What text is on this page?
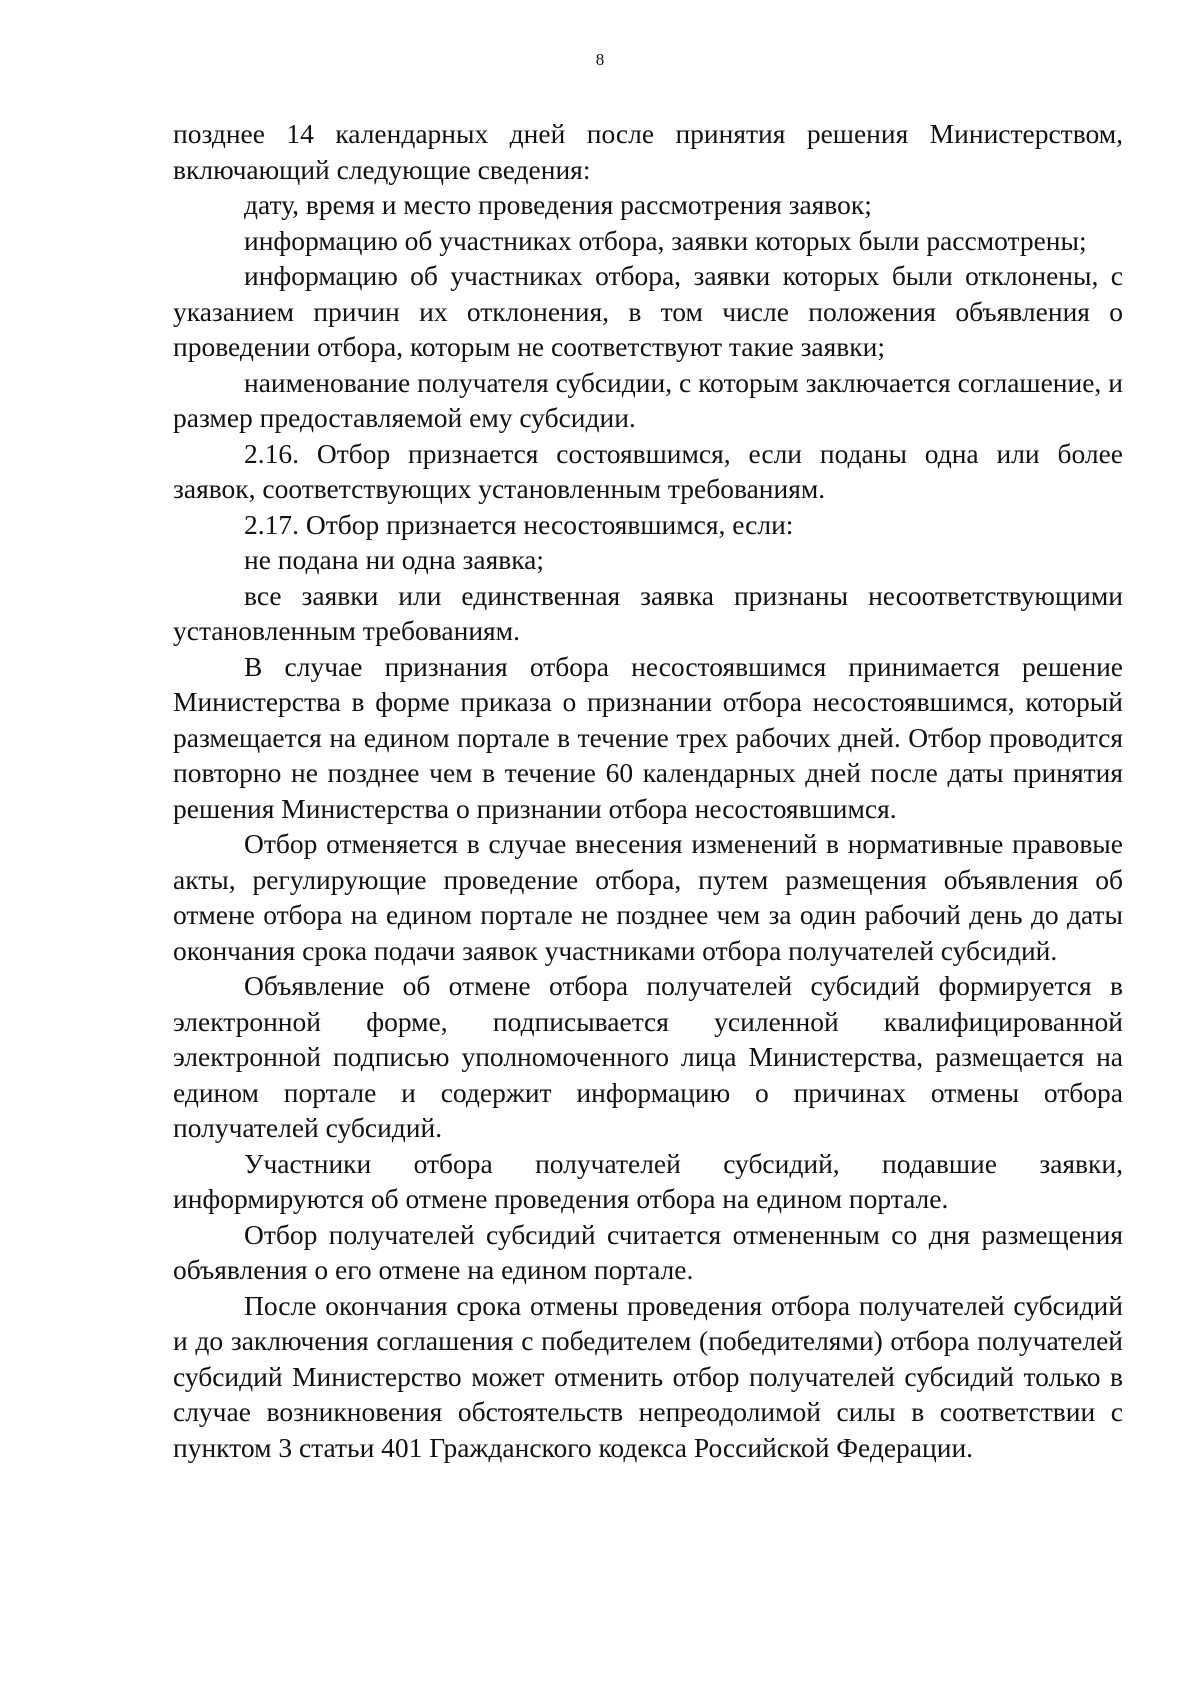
8

позднее 14 календарных дней после принятия решения Министерством, включающий следующие сведения:

дату, время и место проведения рассмотрения заявок;

информацию об участниках отбора, заявки которых были рассмотрены;

информацию об участниках отбора, заявки которых были отклонены, с указанием причин их отклонения, в том числе положения объявления о проведении отбора, которым не соответствуют такие заявки;

наименование получателя субсидии, с которым заключается соглашение, и размер предоставляемой ему субсидии.

2.16. Отбор признается состоявшимся, если поданы одна или более заявок, соответствующих установленным требованиям.

2.17. Отбор признается несостоявшимся, если:

не подана ни одна заявка;

все заявки или единственная заявка признаны несоответствующими установленным требованиям.

В случае признания отбора несостоявшимся принимается решение Министерства в форме приказа о признании отбора несостоявшимся, который размещается на едином портале в течение трех рабочих дней. Отбор проводится повторно не позднее чем в течение 60 календарных дней после даты принятия решения Министерства о признании отбора несостоявшимся.

Отбор отменяется в случае внесения изменений в нормативные правовые акты, регулирующие проведение отбора, путем размещения объявления об отмене отбора на едином портале не позднее чем за один рабочий день до даты окончания срока подачи заявок участниками отбора получателей субсидий.

Объявление об отмене отбора получателей субсидий формируется в электронной форме, подписывается усиленной квалифицированной электронной подписью уполномоченного лица Министерства, размещается на едином портале и содержит информацию о причинах отмены отбора получателей субсидий.

Участники отбора получателей субсидий, подавшие заявки, информируются об отмене проведения отбора на едином портале.

Отбор получателей субсидий считается отмененным со дня размещения объявления о его отмене на едином портале.

После окончания срока отмены проведения отбора получателей субсидий и до заключения соглашения с победителем (победителями) отбора получателей субсидий Министерство может отменить отбор получателей субсидий только в случае возникновения обстоятельств непреодолимой силы в соответствии с пунктом 3 статьи 401 Гражданского кодекса Российской Федерации.
